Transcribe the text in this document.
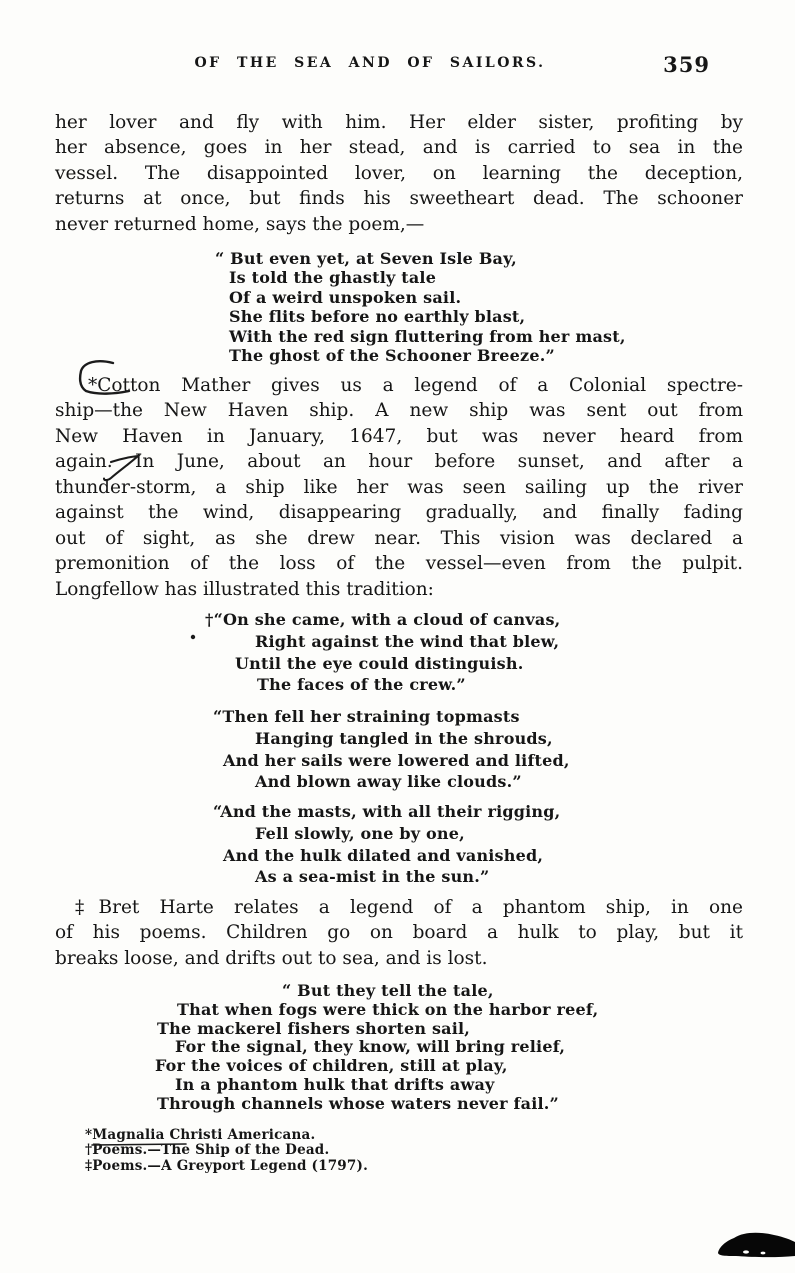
OF THE SEA AND OF SAILORS.	359
her lover and fly with him. Her elder sister, profiting by
her absence, goes in her stead, and is carried to sea in the
vessel. The disappointed lover, on learning the deception,
returns at once, but finds his sweetheart dead. The schooner
never returned home, says the poem,—
“ But even yet, at Seven Isle Bay,
Is told the ghastly tale
Of a weird unspoken sail.
She flits before no earthly blast,
With the red sign fluttering from her mast,
The ghost of the Schooner Breeze.”
*Cotton Mather gives us a legend of a Colonial spectre-
ship—the New Haven ship. A new ship was sent out from
New Haven in January, 1647, but was never heard from
again. In June, about an hour before sunset, and after a
thunder-storm, a ship like her was seen sailing up the river
against the wind, disappearing gradually, and finally fading
out of sight, as she drew near. This vision was declared a
premonition of the loss of the vessel—even from the pulpit.
Longfellow has illustrated this tradition:
†“On she came, with a cloud of canvas,
Right against the wind that blew,
Until the eye could distinguish.
The faces of the crew.”
“Then fell her straining topmasts
Hanging tangled in the shrouds,
And her sails were lowered and lifted,
And blown away like clouds.”
“And the masts, with all their rigging,
Fell slowly, one by one,
And the hulk dilated and vanished,
As a sea-mist in the sun.”
‡Bret Harte relates a legend of a phantom ship, in one
of his poems. Children go on board a hulk to play, but it
breaks loose, and drifts out to sea, and is lost.
“ But they tell the tale,
That when fogs were thick on the harbor reef,
The mackerel fishers shorten sail,
For the signal, they know, will bring relief,
For the voices of children, still at play,
In a phantom hulk that drifts away
Through channels whose waters never fail.”
*Magnalia Christi Americana.
†Poems.—The Ship of the Dead.
‡Poems.—A Greyport Legend (1797).
